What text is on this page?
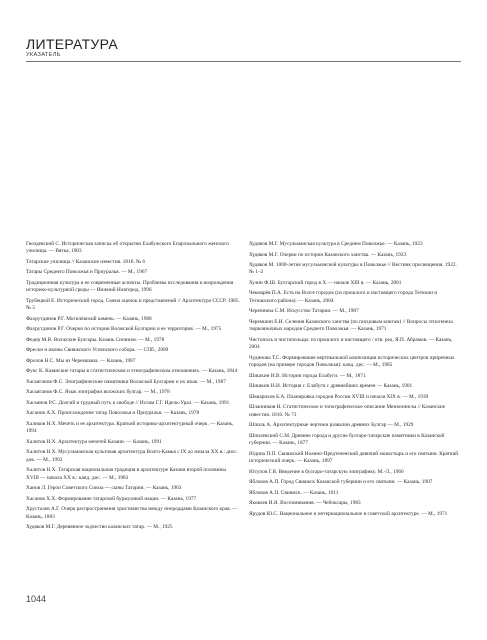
ЛИТЕРАТУРА
УКАЗАТЕЛЬ

Гвоздевский С. Историческая записка об открытии Елабужского Епархиального женского училища. — Вятка, 1903

Татарские училища // Казанские известия. 1816. № 6

Татары Среднего Поволжья и Приуралья. — М., 1967

Традиционная культура и ее современные аспекты. Проблемы исследования и возрождения историко-культурной среды — Нижний Новгород, 1996

Трубецкой Е. Исторический город. Смена оценок и представлений // Архитектура СССР. 1985. № 5

Фахрутдинов Р.Г. Могилёвский камень. — Казань, 1988

Фахрутдинов Р.Г. Очерки по истории Волжской Булгарии и ее территория. — М., 1975

Федер М.В. Волжские Булгары. Казань Сионизм. — М., 1978

Фрески и иконы Свияжского Успенского собора. — СПб., 2009

Фролов Н.С. Мы из Черемшана. — Казань, 1987

Фукс К. Казанские татары в статистическом и этнографическом отношениях. — Казань, 1844

Хасьяганов Ф.С. Эпиграфические памятники Волжской Булгарии и их язык. — М., 1987

Хасьяганов Ф.С. Язык эпиграфии волжских булгар. — М., 1978

Хасьянов Р.С. Долгий и трудный путь к свободе // Ислам Г.Г. Идель-Урал. — Казань, 1991

Хасанов А.Х. Происхождение татар Поволжья и Приуралья. — Казань, 1978

Халиков Н.Х. Мечеть и ее архитектура. Краткий историко-архитектурный очерк. — Казань, 1994

Халитов Н.Х. Архитектура мечетей Казани. — Казань, 1991

Халитов Н.Х. Мусульманская культовая архитектура Волго-Камья с IX до начала XX в.: дисс. док. — М., 1992

Халитов Н.Х. Татарская национальная традиция в архитектуре Казани второй половины XVIII — начала XX в.: канд. дис. — М., 1983

Ханов Л. Герои Советского Союза — сыны Татарии. — Казань, 1963

Хасанов Х.Х. Формирование татарской буржуазной нации. — Казань, 1977

Хрусталев А.Г. Очерк распространения христианства между инородцами Казанского края. — Казань, 1883

Худяков М.Г. Деревянное зодчество казанских татар. — М., 1925

Худяков М.Г. Мусульманская культура в Среднем Поволжье. — Казань, 1923

Худяков М.Г. Очерки по истории Казанского ханства. — Казань, 1923

Худяков М. 1000-летие мусульманской культуры в Поволжье // Вестник просвещения. 1922. № 1–2

Хузин Ф.Ш. Булгарский город в X — начале XIII в. — Казань, 2001

Чекмарёв П.А. Есть на Волге городок (из прошлого и настоящего города Тетюши и Тетюшского района). — Казань, 2004

Черепнина С.М. Искусство Татарии. — М., 1987

Черемшин Е.Н. Селения Казанского ханства (по писцовым книгам) // Вопросы этногенеза тюркоязычных народов Среднего Поволжья. — Казань, 1971

Чистополь и чистопольцы: из прошлого и настоящего / отв. ред. Я.П. Абрамов. — Казань, 2004

Чудинова Т.С. Формирование вертикальной композиции исторических центров приречных городов (на примере городов Поволжья): канд. дис. — М., 1985

Шишкин И.В. История города Елабуги. — М., 1871

Шишкин Н.И. История г. Елабуги с древнейших времен — Казань, 1901

Шкварихов Б.А. Планировка городов России XVIII и начала XIX в. — М., 1939

Шлапников Н. Статистическое и топографическое описание Мензелинска // Казанские известия. 1816. № 73

Шпиль А. Архитектурные чертежи развалин древних Булгар — М., 1929

Шпилевский С.М. Древние города и другие булгаро-татарские памятники в Казанской губернии. — Казань, 1877

Юдина П.П. Свияжский Иоанно-Предтеченский девичий монастырь и его святыни. Краткий исторический очерк. — Казань, 1897

Юсупов Г.В. Введение в булгаро-татарскую эпиграфику. М.-Л., 1960

Яблоков А.П. Город Свияжск Казанской губернии и его святыни. — Казань, 1907

Яблоков А.П. Свияжск. — Казань, 1911

Яковлев И.Я. Воспоминания. — Чебоксары, 1983

Ярудов Ю.С. Национальное и интернациональное в советской архитектуре. — М., 1971

1044
